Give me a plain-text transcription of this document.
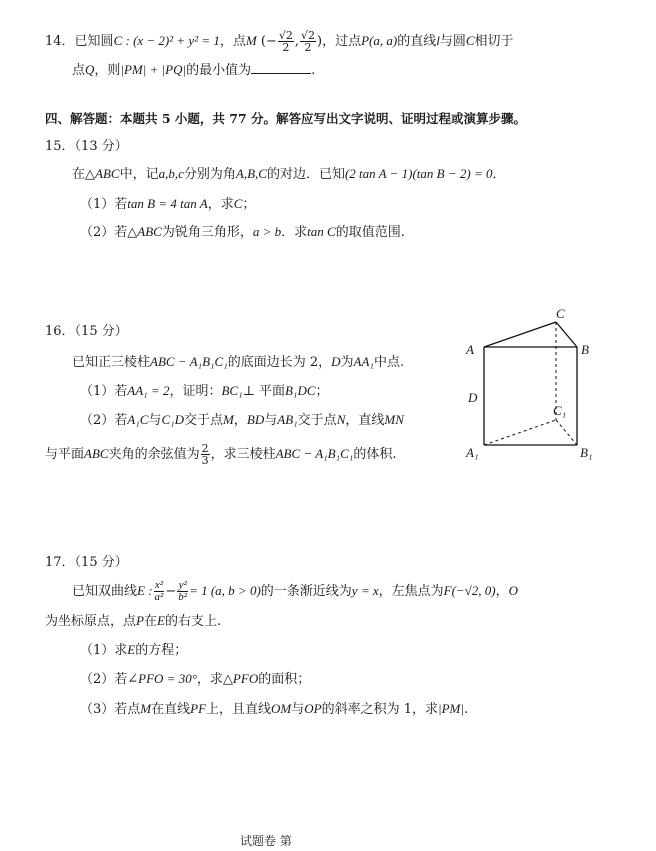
14．已知圆C : (x − 2)² + y² = 1，点M (− $\frac{√2}{2}$ , $\frac{√2}{2}$ )，过点P(a, a)的直线l与圆C相切于
点Q，则|PM| + |PQ|的最小值为	.
四、解答题：本题共 5 小题，共 77 分。解答应写出文字说明、证明过程或演算步骤。
15．（13 分）
在△ABC中，记a,b,c分别为角A,B,C的对边．已知(2 tan A − 1)(tan B − 2) = 0．
（1）若tan B = 4 tan A，求C；
（2）若△ABC为锐角三角形，a > b．求tan C的取值范围.
16．（15 分）
已知正三棱柱ABC − A₁B₁C₁的底面边长为 2，D为AA₁中点.
（1）若AA₁ = 2，证明：BC₁⊥ 平面B₁DC；
（2）若A₁C与C₁D交于点M，BD与AB₁交于点N，直线MN
与平面ABC夹角的余弦值为 $\frac{2}{3}$ ，求三棱柱ABC − A₁B₁C₁的体积.
C
A	B
D
C₁
A₁	B₁
17．（15 分）
已知双曲线E : $\frac{\text{x²}}{\text{a²}} - \frac{\text{y²}}{\text{b²}} = 1$ (a, b > 0)的一条渐近线为y = x，左焦点为F(−√2, 0)，O
为坐标原点，点P在E的右支上.
（1）求E的方程；
（2）若∠PFO = 30°，求△PFO的面积；
（3）若点M在直线PF上，且直线OM与OP的斜率之积为 1，求|PM|.
试题卷 第
